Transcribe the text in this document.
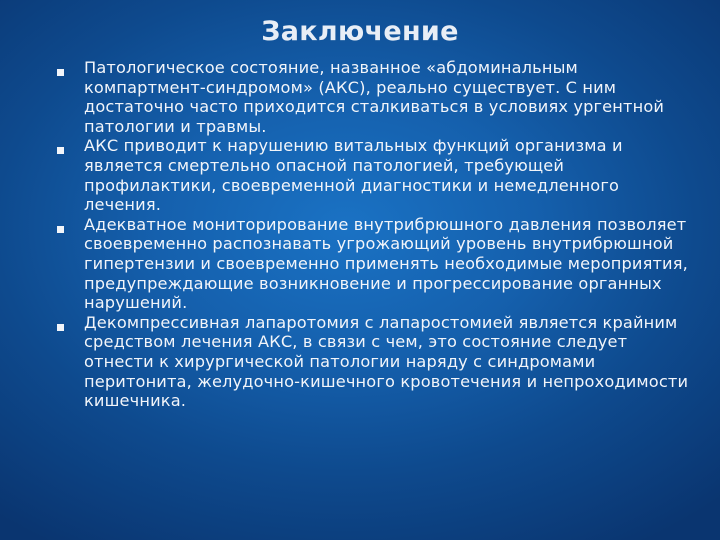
Заключение
Патологическое состояние, названное «абдоминальным компартмент-синдромом» (АКС), реально существует. С ним достаточно часто приходится сталкиваться в условиях ургентной патологии и травмы.
АКС приводит к нарушению витальных функций организма и является смертельно опасной патологией, требующей профилактики, своевременной диагностики и немедленного лечения.
Адекватное мониторирование внутрибрюшного давления позволяет своевременно распознавать угрожающий уровень внутрибрюшной гипертензии и своевременно применять необходимые мероприятия, предупреждающие возникновение и прогрессирование органных нарушений.
Декомпрессивная лапаротомия с лапаростомией является крайним средством лечения АКС, в связи с чем, это состояние следует отнести к хирургической патологии наряду с синдромами перитонита, желудочно-кишечного кровотечения и непроходимости кишечника.
